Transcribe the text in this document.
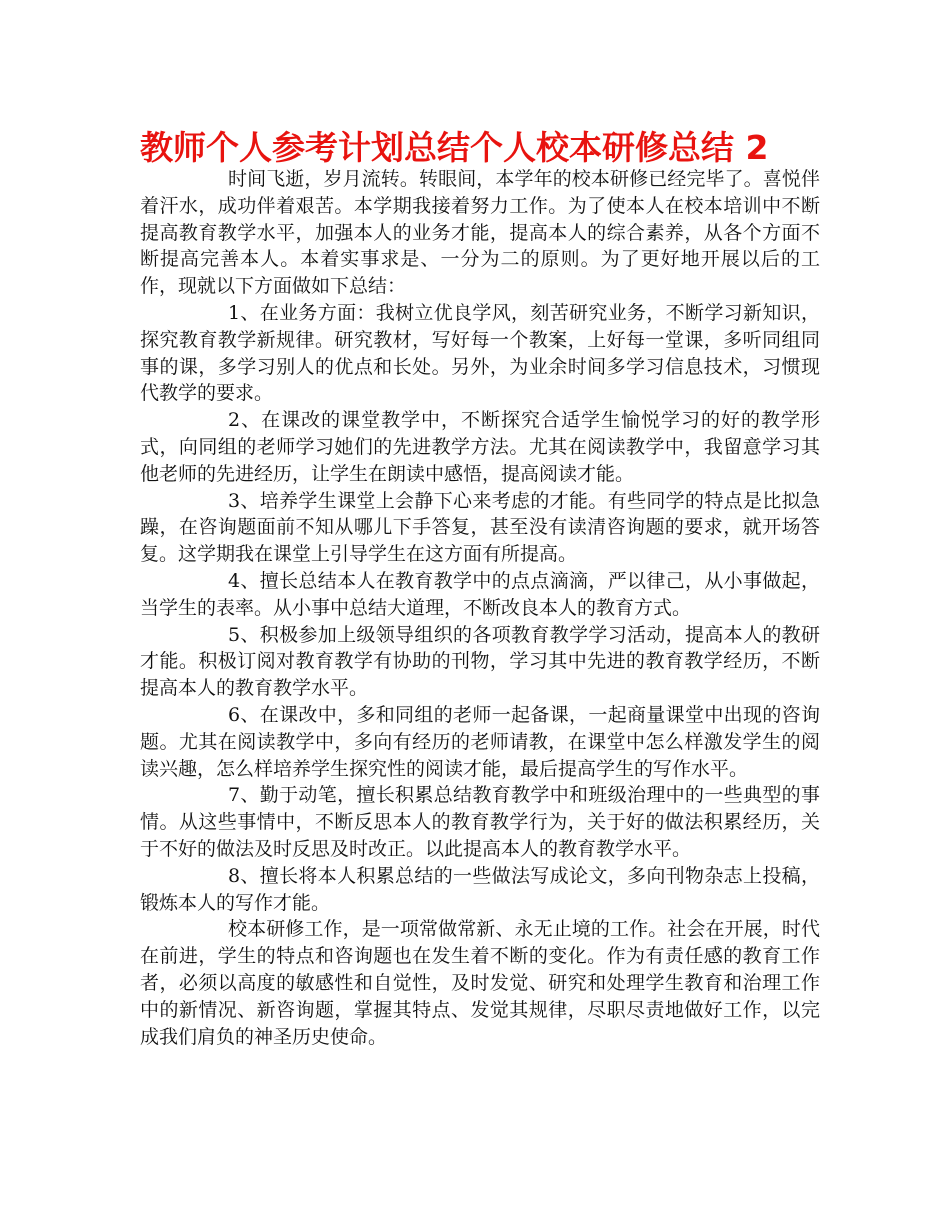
教师个人参考计划总结个人校本研修总结 2

时间飞逝，岁月流转。转眼间，本学年的校本研修已经完毕了。喜悦伴着汗水，成功伴着艰苦。本学期我接着努力工作。为了使本人在校本培训中不断提高教育教学水平，加强本人的业务才能，提高本人的综合素养，从各个方面不断提高完善本人。本着实事求是、一分为二的原则。为了更好地开展以后的工作，现就以下方面做如下总结：

1、在业务方面：我树立优良学风，刻苦研究业务，不断学习新知识，探究教育教学新规律。研究教材，写好每一个教案，上好每一堂课，多听同组同事的课，多学习别人的优点和长处。另外，为业余时间多学习信息技术，习惯现代教学的要求。

2、在课改的课堂教学中，不断探究合适学生愉悦学习的好的教学形式，向同组的老师学习她们的先进教学方法。尤其在阅读教学中，我留意学习其他老师的先进经历，让学生在朗读中感悟，提高阅读才能。

3、培养学生课堂上会静下心来考虑的才能。有些同学的特点是比拟急躁，在咨询题面前不知从哪儿下手答复，甚至没有读清咨询题的要求，就开场答复。这学期我在课堂上引导学生在这方面有所提高。

4、擅长总结本人在教育教学中的点点滴滴，严以律己，从小事做起，当学生的表率。从小事中总结大道理，不断改良本人的教育方式。

5、积极参加上级领导组织的各项教育教学学习活动，提高本人的教研才能。积极订阅对教育教学有协助的刊物，学习其中先进的教育教学经历，不断提高本人的教育教学水平。

6、在课改中，多和同组的老师一起备课，一起商量课堂中出现的咨询题。尤其在阅读教学中，多向有经历的老师请教，在课堂中怎么样激发学生的阅读兴趣，怎么样培养学生探究性的阅读才能，最后提高学生的写作水平。

7、勤于动笔，擅长积累总结教育教学中和班级治理中的一些典型的事情。从这些事情中，不断反思本人的教育教学行为，关于好的做法积累经历，关于不好的做法及时反思及时改正。以此提高本人的教育教学水平。

8、擅长将本人积累总结的一些做法写成论文，多向刊物杂志上投稿，锻炼本人的写作才能。

校本研修工作，是一项常做常新、永无止境的工作。社会在开展，时代在前进，学生的特点和咨询题也在发生着不断的变化。作为有责任感的教育工作者，必须以高度的敏感性和自觉性，及时发觉、研究和处理学生教育和治理工作中的新情况、新咨询题，掌握其特点、发觉其规律，尽职尽责地做好工作，以完成我们肩负的神圣历史使命。
